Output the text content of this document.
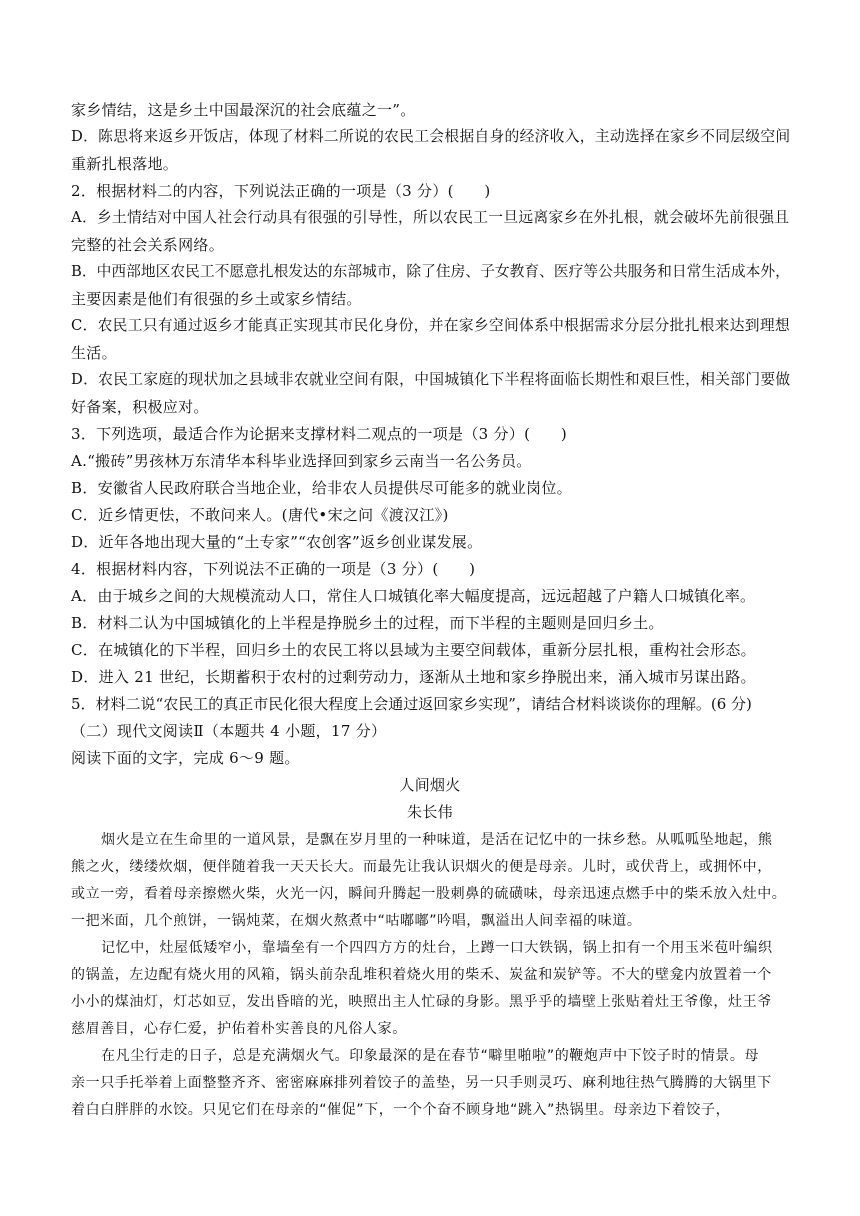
家乡情结，这是乡土中国最深沉的社会底蕴之一”。
D．陈思将来返乡开饭店，体现了材料二所说的农民工会根据自身的经济收入，主动选择在家乡不同层级空间
重新扎根落地。
2．根据材料二的内容，下列说法正确的一项是（3 分）(　　)
A．乡土情结对中国人社会行动具有很强的引导性，所以农民工一旦远离家乡在外扎根，就会破坏先前很强且
完整的社会关系网络。
B．中西部地区农民工不愿意扎根发达的东部城市，除了住房、子女教育、医疗等公共服务和日常生活成本外，
主要因素是他们有很强的乡土或家乡情结。
C．农民工只有通过返乡才能真正实现其市民化身份，并在家乡空间体系中根据需求分层分批扎根来达到理想
生活。
D．农民工家庭的现状加之县域非农就业空间有限，中国城镇化下半程将面临长期性和艰巨性，相关部门要做
好备案，积极应对。
3．下列选项，最适合作为论据来支撑材料二观点的一项是（3 分）(　　)
A.“搬砖”男孩林万东清华本科毕业选择回到家乡云南当一名公务员。
B．安徽省人民政府联合当地企业，给非农人员提供尽可能多的就业岗位。
C．近乡情更怯，不敢问来人。(唐代•宋之问《渡汉江》)
D．近年各地出现大量的“土专家”“农创客”返乡创业谋发展。
4．根据材料内容，下列说法不正确的一项是（3 分）(　　)
A．由于城乡之间的大规模流动人口，常住人口城镇化率大幅度提高，远远超越了户籍人口城镇化率。
B．材料二认为中国城镇化的上半程是挣脱乡土的过程，而下半程的主题则是回归乡土。
C．在城镇化的下半程，回归乡土的农民工将以县域为主要空间载体，重新分层扎根，重构社会形态。
D．进入 21 世纪，长期蓄积于农村的过剩劳动力，逐渐从土地和家乡挣脱出来，涌入城市另谋出路。
5．材料二说“农民工的真正市民化很大程度上会通过返回家乡实现”，请结合材料谈谈你的理解。(6 分)
（二）现代文阅读Ⅱ（本题共 4 小题，17 分）
阅读下面的文字，完成 6～9 题。
人间烟火
朱长伟
烟火是立在生命里的一道风景，是飘在岁月里的一种味道，是活在记忆中的一抹乡愁。从呱呱坠地起，熊
熊之火，缕缕炊烟，便伴随着我一天天长大。而最先让我认识烟火的便是母亲。儿时，或伏背上，或拥怀中，
或立一旁，看着母亲擦燃火柴，火光一闪，瞬间升腾起一股刺鼻的硫磺味，母亲迅速点燃手中的柴禾放入灶中。
一把米面，几个煎饼，一锅炖菜，在烟火熬煮中“咕嘟嘟”吟唱，飘溢出人间幸福的味道。
记忆中，灶屋低矮窄小，靠墙垒有一个四四方方的灶台，上蹲一口大铁锅，锅上扣有一个用玉米苞叶编织
的锅盖，左边配有烧火用的风箱，锅头前杂乱堆积着烧火用的柴禾、炭盆和炭铲等。不大的壁龛内放置着一个
小小的煤油灯，灯芯如豆，发出昏暗的光，映照出主人忙碌的身影。黑乎乎的墙壁上张贴着灶王爷像，灶王爷
慈眉善目，心存仁爱，护佑着朴实善良的凡俗人家。
在凡尘行走的日子，总是充满烟火气。印象最深的是在春节“噼里啪啦”的鞭炮声中下饺子时的情景。母
亲一只手托举着上面整整齐齐、密密麻麻排列着饺子的盖垫，另一只手则灵巧、麻利地往热气腾腾的大锅里下
着白白胖胖的水饺。只见它们在母亲的“催促”下，一个个奋不顾身地“跳入”热锅里。母亲边下着饺子，
